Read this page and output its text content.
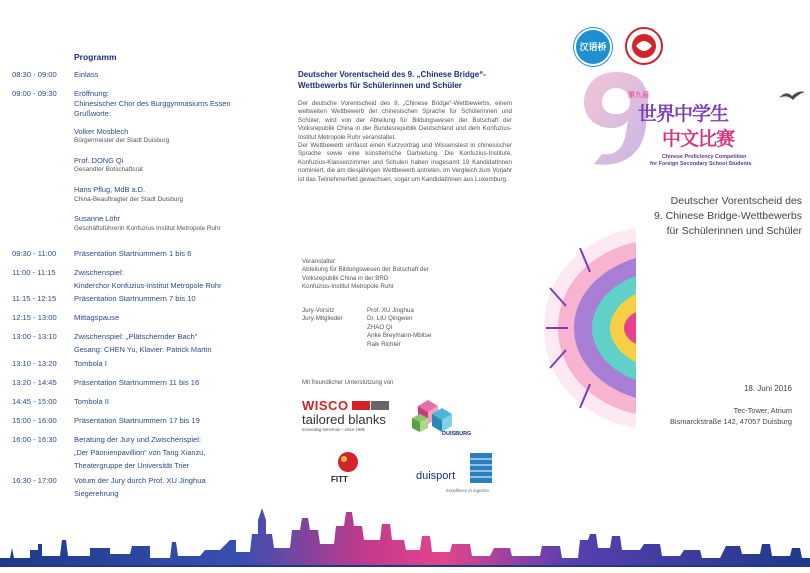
Programm
08:30 - 09:00 Einlass
09:00 - 09:30 Eröffnung:
Chinesischer Chor des Burggymnasiums Essen
Grußworte:
Volker Mosblech
Bürgermeister der Stadt Duisburg
Prof. DONG Qi
Gesandter Botschaftsrat
Hans Pflug, MdB a.D.
China-Beauftragter der Stadt Duisburg
Susanne Löhr
Geschäftsführerin Konfuzius Institut Metropole Ruhr
09:30 - 11:00 Präsentation Startnummern 1 bis 6
11:00 - 11:15 Zwischenspiel:
Kinderchor Konfuzius-Institut Metropole Ruhr
11:15 - 12:15 Präsentation Startnummern 7 bis 10
12:15 - 13:00 Mittagspause
13:00 - 13:10 Zwischenspiel: „Plätschernder Bach“
Gesang: CHEN Yu, Klavier: Patrick Martin
13:10 - 13:20 Tombola I
13:20 - 14:45 Präsentation Startnummern 11 bis 16
14:45 - 15:00 Tombola II
15:00 - 16:00 Präsentation Startnummern 17 bis 19
16:00 - 16:30 Beratung der Jury und Zwischenspiel:
„Der Päonienpavillion“ von Tang Xianzu,
Theatergruppe der Universität Trier
16:30 - 17:00 Votum der Jury durch Prof. XU Jinghua
Siegerehrung
Deutscher Vorentscheid des 9. „Chinese Bridge“-
Wettbewerbs für Schülerinnen und Schüler
Der deutsche Vorentscheid des 9. „Chinese Bridge“-Wettbewerbs, einem weltweiten Wettbewerb der chinesischen Sprache für Schülerinnen und Schüler, wird von der Abteilung für Bildungswesen der Botschaft der Volksrepublik China in der Bundesrepublik Deutschland und dem Konfuzius-Institut Metropole Ruhr veranstaltet.
Der Wettbewerb umfasst einen Kurzvortrag und Wissenstest in chinesischer Sprache sowie eine künstlerische Darbietung. Die Konfuzius-Institute, Konfuzius-Klassenzimmer und Schulen haben insgesamt 19 KandidatInnen nominiert, die am diesjährigen Wettbewerb antreten. Im Vergleich zum Vorjahr ist das Teilnehmerfeld gewachsen, sogar um KandidatInnen aus Luxemburg.
Veranstalter:
Abteilung für Bildungswesen der Botschaft der
Volksrepublik China in der BRD
Konfuzius-Institut Metropole Ruhr
Jury-Vorsitz
Jury-Mitglieder
Prof. XU Jinghua
Dr. LIU Qingwen
ZHAO Qi
Anke Breymann-Mbitse
Raik Richter
Mit freundlicher Unterstützung von
WISCO
tailored blanks
Innovating tomorrow – since 1985
DUISBURG
FITT	duisport
excellence in logistics
汉语桥
第九届
世界中学生
中文比赛
Chinese Proficiency Competition
for Foreign Secondary School Students
Deutscher Vorentscheid des
9. Chinese Bridge-Wettbewerbs
für Schülerinnen und Schüler
18. Juni 2016
Tec-Tower, Atrium
Bismarckstraße 142, 47057 Duisburg
